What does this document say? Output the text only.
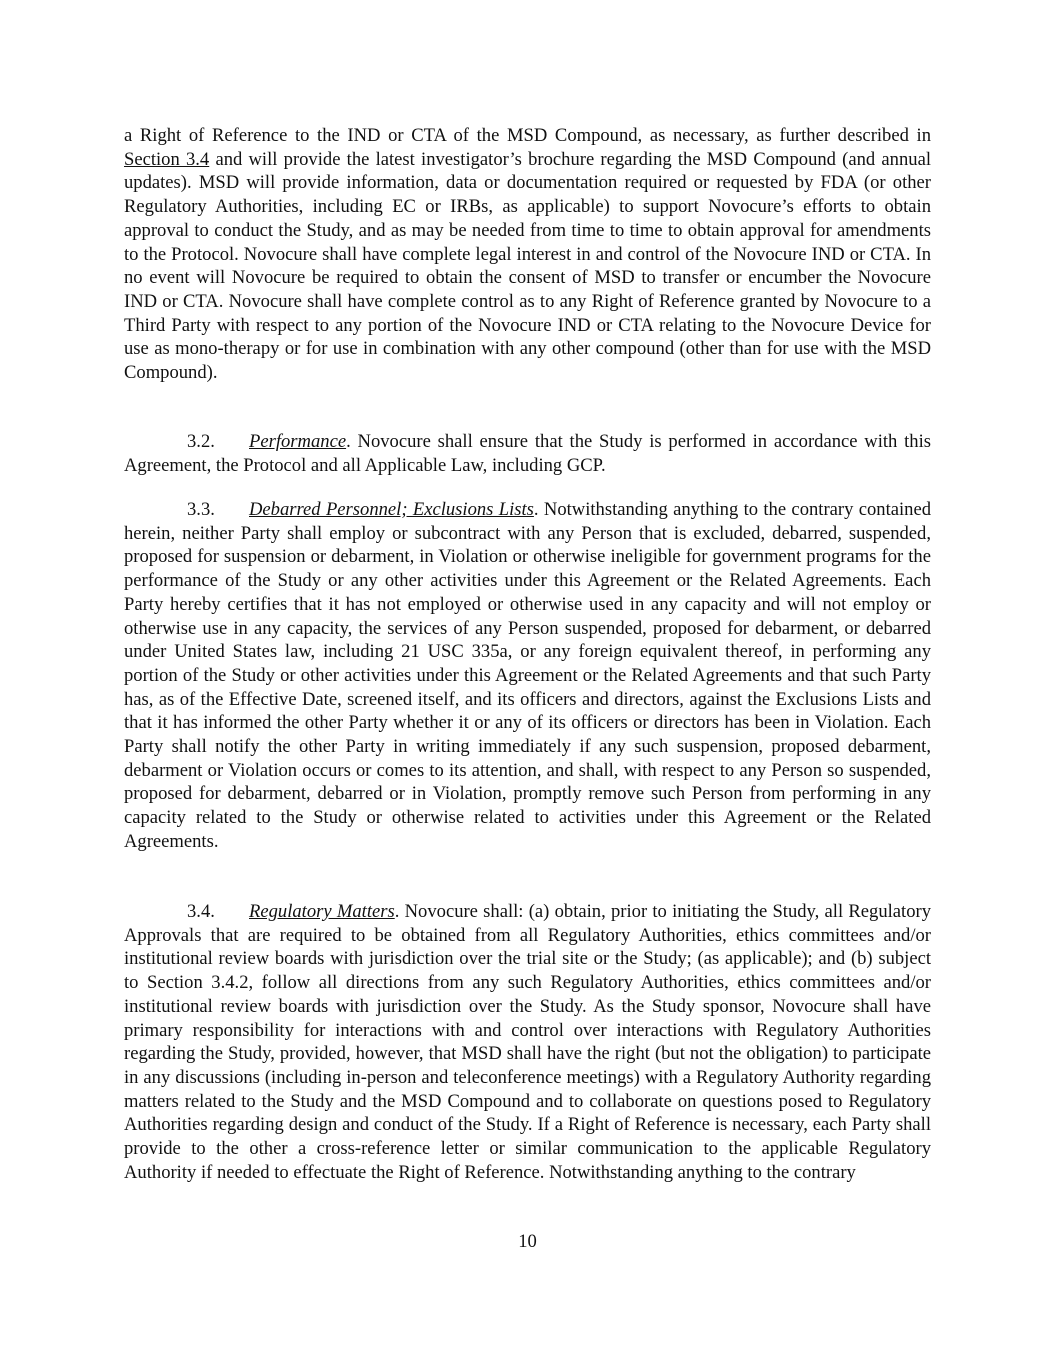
a Right of Reference to the IND or CTA of the MSD Compound, as necessary, as further described in Section 3.4 and will provide the latest investigator’s brochure regarding the MSD Compound (and annual updates). MSD will provide information, data or documentation required or requested by FDA (or other Regulatory Authorities, including EC or IRBs, as applicable) to support Novocure’s efforts to obtain approval to conduct the Study, and as may be needed from time to time to obtain approval for amendments to the Protocol. Novocure shall have complete legal interest in and control of the Novocure IND or CTA. In no event will Novocure be required to obtain the consent of MSD to transfer or encumber the Novocure IND or CTA. Novocure shall have complete control as to any Right of Reference granted by Novocure to a Third Party with respect to any portion of the Novocure IND or CTA relating to the Novocure Device for use as mono-therapy or for use in combination with any other compound (other than for use with the MSD Compound).

3.2. Performance. Novocure shall ensure that the Study is performed in accordance with this Agreement, the Protocol and all Applicable Law, including GCP.

3.3. Debarred Personnel; Exclusions Lists. Notwithstanding anything to the contrary contained herein, neither Party shall employ or subcontract with any Person that is excluded, debarred, suspended, proposed for suspension or debarment, in Violation or otherwise ineligible for government programs for the performance of the Study or any other activities under this Agreement or the Related Agreements. Each Party hereby certifies that it has not employed or otherwise used in any capacity and will not employ or otherwise use in any capacity, the services of any Person suspended, proposed for debarment, or debarred under United States law, including 21 USC 335a, or any foreign equivalent thereof, in performing any portion of the Study or other activities under this Agreement or the Related Agreements and that such Party has, as of the Effective Date, screened itself, and its officers and directors, against the Exclusions Lists and that it has informed the other Party whether it or any of its officers or directors has been in Violation. Each Party shall notify the other Party in writing immediately if any such suspension, proposed debarment, debarment or Violation occurs or comes to its attention, and shall, with respect to any Person so suspended, proposed for debarment, debarred or in Violation, promptly remove such Person from performing in any capacity related to the Study or otherwise related to activities under this Agreement or the Related Agreements.

3.4. Regulatory Matters. Novocure shall: (a) obtain, prior to initiating the Study, all Regulatory Approvals that are required to be obtained from all Regulatory Authorities, ethics committees and/or institutional review boards with jurisdiction over the trial site or the Study; (as applicable); and (b) subject to Section 3.4.2, follow all directions from any such Regulatory Authorities, ethics committees and/or institutional review boards with jurisdiction over the Study. As the Study sponsor, Novocure shall have primary responsibility for interactions with and control over interactions with Regulatory Authorities regarding the Study, provided, however, that MSD shall have the right (but not the obligation) to participate in any discussions (including in-person and teleconference meetings) with a Regulatory Authority regarding matters related to the Study and the MSD Compound and to collaborate on questions posed to Regulatory Authorities regarding design and conduct of the Study. If a Right of Reference is necessary, each Party shall provide to the other a cross-reference letter or similar communication to the applicable Regulatory Authority if needed to effectuate the Right of Reference. Notwithstanding anything to the contrary

10
